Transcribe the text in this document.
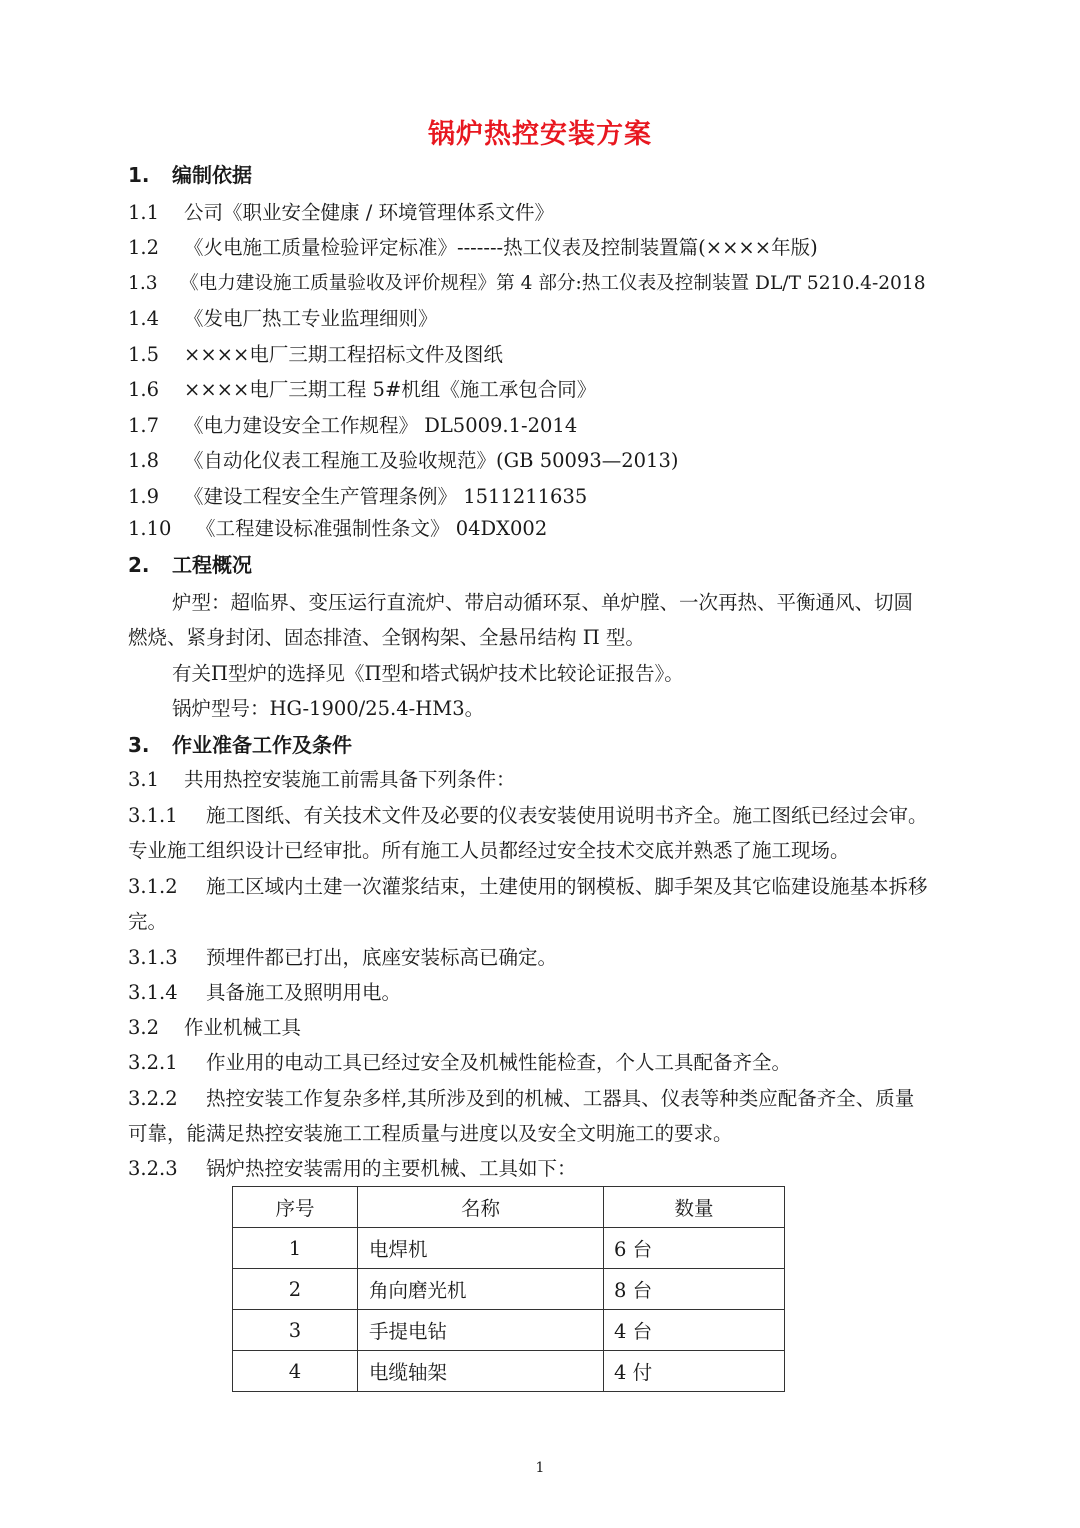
锅炉热控安装方案
1. 编制依据
1.1 公司《职业安全健康 / 环境管理体系文件》
1.2 《火电施工质量检验评定标准》-------热工仪表及控制装置篇(××××年版)
1.3 《电力建设施工质量验收及评价规程》第 4 部分:热工仪表及控制装置 DL/T 5210.4-2018
1.4 《发电厂热工专业监理细则》
1.5 ××××电厂三期工程招标文件及图纸
1.6 ××××电厂三期工程 5#机组《施工承包合同》
1.7 《电力建设安全工作规程》 DL5009.1-2014
1.8 《自动化仪表工程施工及验收规范》(GB 50093—2013)
1.9 《建设工程安全生产管理条例》 1511211635
1.10 《工程建设标准强制性条文》 04DX002
2. 工程概况
炉型：超临界、变压运行直流炉、带启动循环泵、单炉膛、一次再热、平衡通风、切圆
燃烧、紧身封闭、固态排渣、全钢构架、全悬吊结构 Π 型。
有关Π型炉的选择见《Π型和塔式锅炉技术比较论证报告》。
锅炉型号：HG-1900/25.4-HM3。
3. 作业准备工作及条件
3.1 共用热控安装施工前需具备下列条件：
3.1.1 施工图纸、有关技术文件及必要的仪表安装使用说明书齐全。施工图纸已经过会审。
专业施工组织设计已经审批。所有施工人员都经过安全技术交底并熟悉了施工现场。
3.1.2 施工区域内土建一次灌浆结束，土建使用的钢模板、脚手架及其它临建设施基本拆移
完。
3.1.3 预埋件都已打出，底座安装标高已确定。
3.1.4 具备施工及照明用电。
3.2 作业机械工具
3.2.1 作业用的电动工具已经过安全及机械性能检查，个人工具配备齐全。
3.2.2 热控安装工作复杂多样,其所涉及到的机械、工器具、仪表等种类应配备齐全、质量
可靠，能满足热控安装施工工程质量与进度以及安全文明施工的要求。
3.2.3 锅炉热控安装需用的主要机械、工具如下：
序号	名称	数量
1	电焊机	6 台
2	角向磨光机	8 台
3	手提电钻	4 台
4	电缆轴架	4 付
1
